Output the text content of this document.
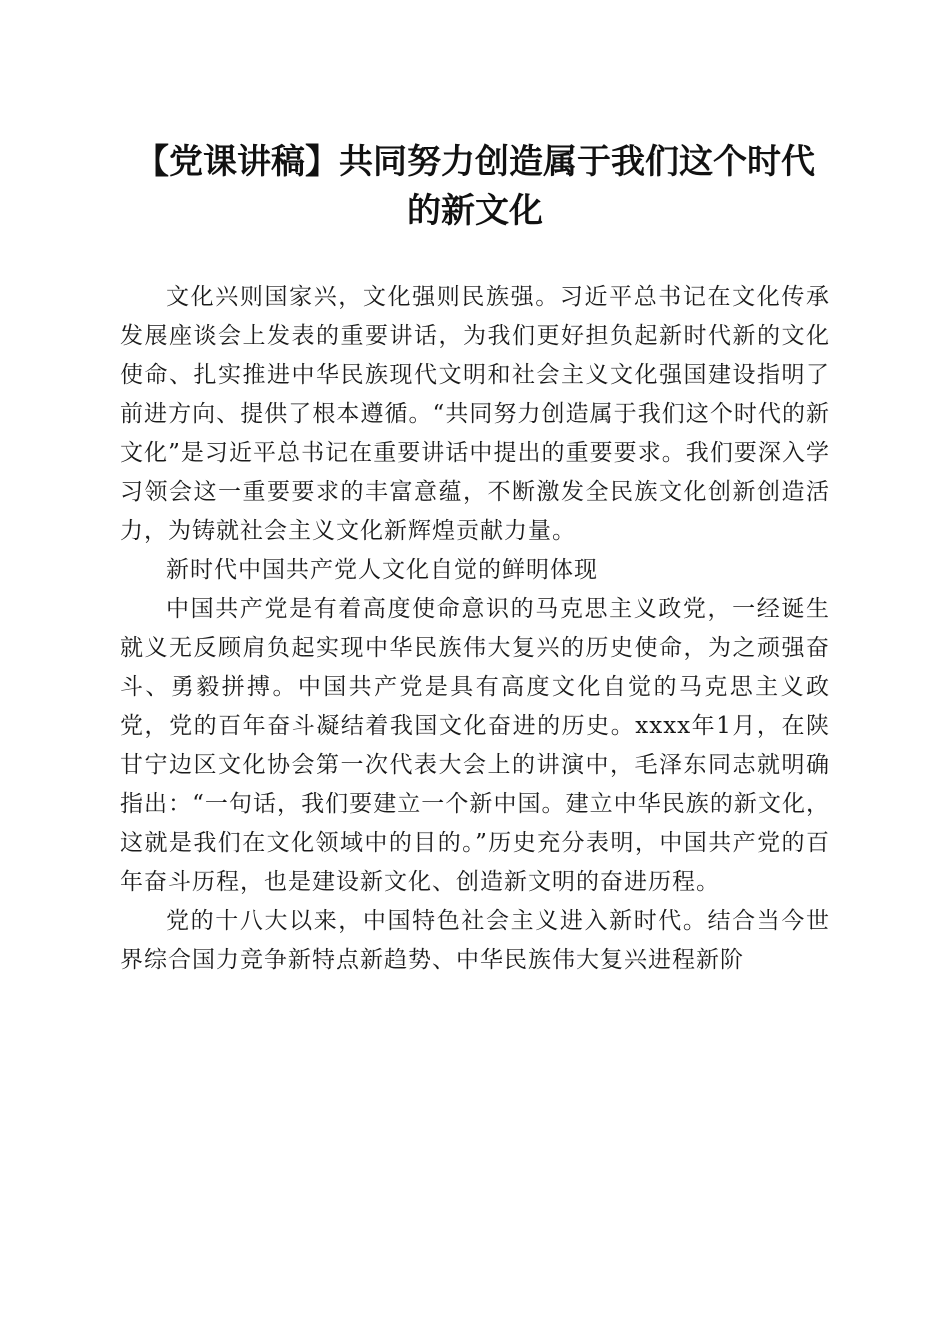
【党课讲稿】共同努力创造属于我们这个时代的新文化

文化兴则国家兴，文化强则民族强。习近平总书记在文化传承发展座谈会上发表的重要讲话，为我们更好担负起新时代新的文化使命、扎实推进中华民族现代文明和社会主义文化强国建设指明了前进方向、提供了根本遵循。“共同努力创造属于我们这个时代的新文化”是习近平总书记在重要讲话中提出的重要要求。我们要深入学习领会这一重要要求的丰富意蕴，不断激发全民族文化创新创造活力，为铸就社会主义文化新辉煌贡献力量。

新时代中国共产党人文化自觉的鲜明体现

中国共产党是有着高度使命意识的马克思主义政党，一经诞生就义无反顾肩负起实现中华民族伟大复兴的历史使命，为之顽强奋斗、勇毅拼搏。中国共产党是具有高度文化自觉的马克思主义政党，党的百年奋斗凝结着我国文化奋进的历史。xxxx年1月，在陕甘宁边区文化协会第一次代表大会上的讲演中，毛泽东同志就明确指出：“一句话，我们要建立一个新中国。建立中华民族的新文化，这就是我们在文化领域中的目的。”历史充分表明，中国共产党的百年奋斗历程，也是建设新文化、创造新文明的奋进历程。

党的十八大以来，中国特色社会主义进入新时代。结合当今世界综合国力竞争新特点新趋势、中华民族伟大复兴进程新阶
